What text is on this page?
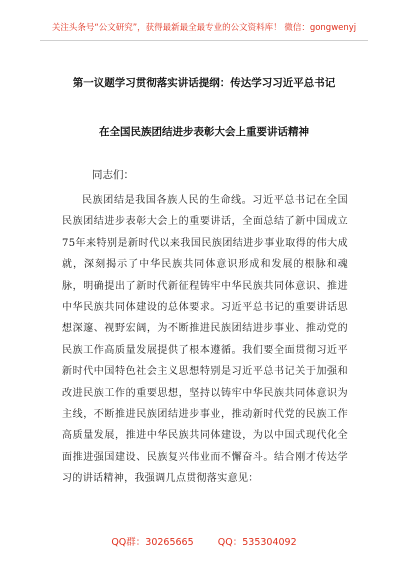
关注头条号“公文研究”，获得最新最全最专业的公文资料库！ 微信：gongwenyj
第一议题学习贯彻落实讲话提纲：传达学习习近平总书记
在全国民族团结进步表彰大会上重要讲话精神
同志们：

民族团结是我国各族人民的生命线。习近平总书记在全国民族团结进步表彰大会上的重要讲话，全面总结了新中国成立75年来特别是新时代以来我国民族团结进步事业取得的伟大成就，深刻揭示了中华民族共同体意识形成和发展的根脉和魂脉，明确提出了新时代新征程铸牢中华民族共同体意识、推进中华民族共同体建设的总体要求。习近平总书记的重要讲话思想深邃、视野宏阔，为不断推进民族团结进步事业、推动党的民族工作高质量发展提供了根本遵循。我们要全面贯彻习近平新时代中国特色社会主义思想特别是习近平总书记关于加强和改进民族工作的重要思想，坚持以铸牢中华民族共同体意识为主线，不断推进民族团结进步事业，推动新时代党的民族工作高质量发展，推进中华民族共同体建设，为以中国式现代化全面推进强国建设、民族复兴伟业而不懈奋斗。结合刚才传达学习的讲话精神，我强调几点贯彻落实意见：

QQ群：30265665        QQ：535304092
